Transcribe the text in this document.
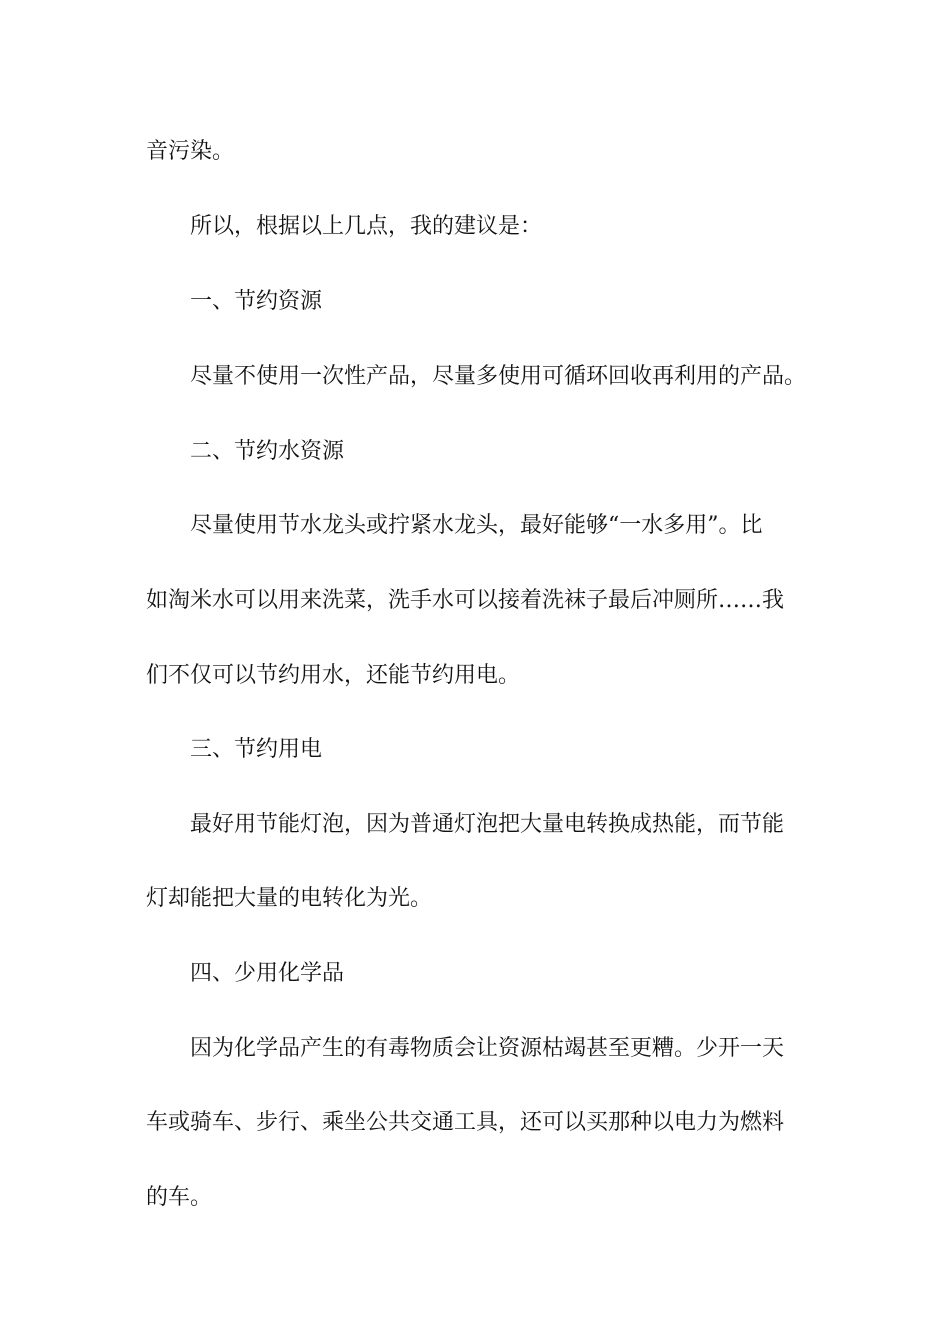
音污染。
所以，根据以上几点，我的建议是：
一、节约资源
尽量不使用一次性产品，尽量多使用可循环回收再利用的产品。
二、节约水资源
尽量使用节水龙头或拧紧水龙头，最好能够“一水多用”。比
如淘米水可以用来洗菜，洗手水可以接着洗袜子最后冲厕所……我
们不仅可以节约用水，还能节约用电。
三、节约用电
最好用节能灯泡，因为普通灯泡把大量电转换成热能，而节能
灯却能把大量的电转化为光。
四、少用化学品
因为化学品产生的有毒物质会让资源枯竭甚至更糟。少开一天
车或骑车、步行、乘坐公共交通工具，还可以买那种以电力为燃料
的车。
